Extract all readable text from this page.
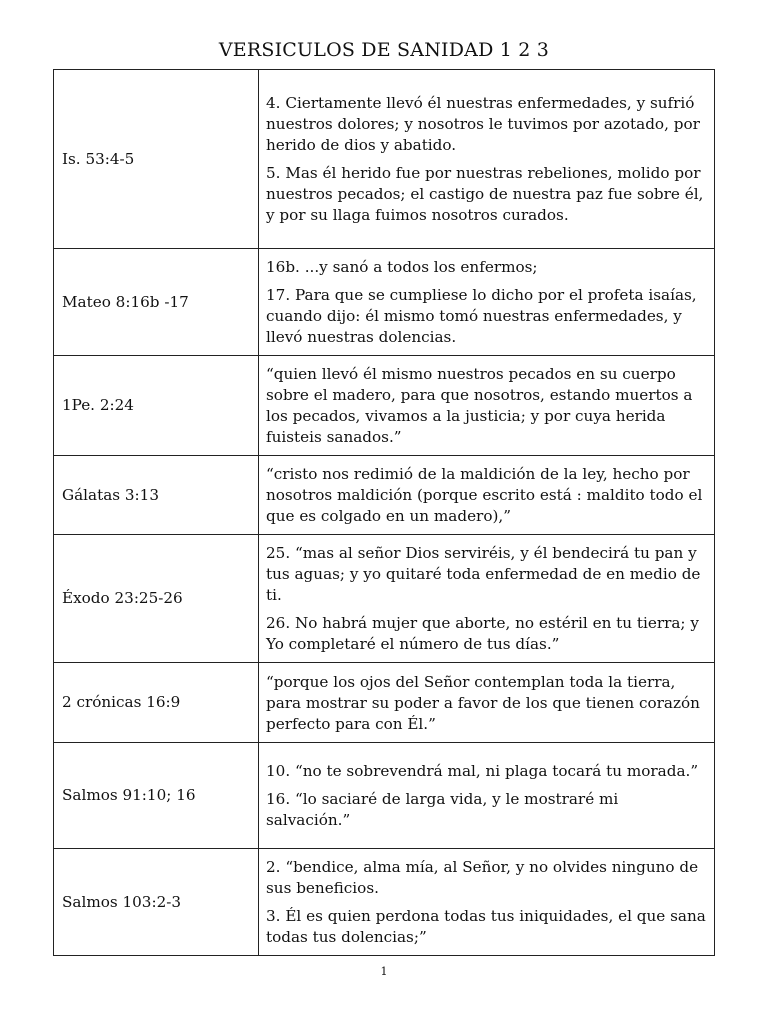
VERSICULOS DE SANIDAD 1 2 3
Is. 53:4-5	4. Ciertamente llevó él nuestras enfermedades, y sufrió nuestros dolores; y nosotros le tuvimos por azotado, por herido de dios y abatido.

5. Mas él herido fue por nuestras rebeliones, molido por nuestros pecados; el castigo de nuestra paz fue sobre él, y por su llaga fuimos nosotros curados.

Mateo 8:16b -17	16b. ...y sanó a todos los enfermos;

17. Para que se cumpliese lo dicho por el profeta isaías, cuando dijo: él mismo tomó nuestras enfermedades, y llevó nuestras dolencias.

1Pe. 2:24	“quien llevó él mismo nuestros pecados en su cuerpo sobre el madero, para que nosotros, estando muertos a los pecados, vivamos a la justicia; y por cuya herida fuisteis sanados.”

Gálatas 3:13	“cristo nos redimió de la maldición de la ley, hecho por nosotros maldición (porque escrito está : maldito todo el que es colgado en un madero),”

Éxodo 23:25-26	25. “mas al señor Dios serviréis, y él bendecirá tu pan y tus aguas; y yo quitaré toda enfermedad de en medio de ti.

26. No habrá mujer que aborte, no estéril en tu tierra; y Yo completaré el número de tus días.”

2 crónicas 16:9	“porque los ojos del Señor contemplan toda la tierra, para mostrar su poder a favor de los que tienen corazón perfecto para con Él.”

Salmos 91:10; 16	10. “no te sobrevendrá mal, ni plaga tocará tu morada.”

16. “lo saciaré de larga vida, y le mostraré mi salvación.”

Salmos 103:2-3	2. “bendice, alma mía, al Señor, y no olvides ninguno de sus beneficios.

3. Él es quien perdona todas tus iniquidades, el que sana todas tus dolencias;”

1
